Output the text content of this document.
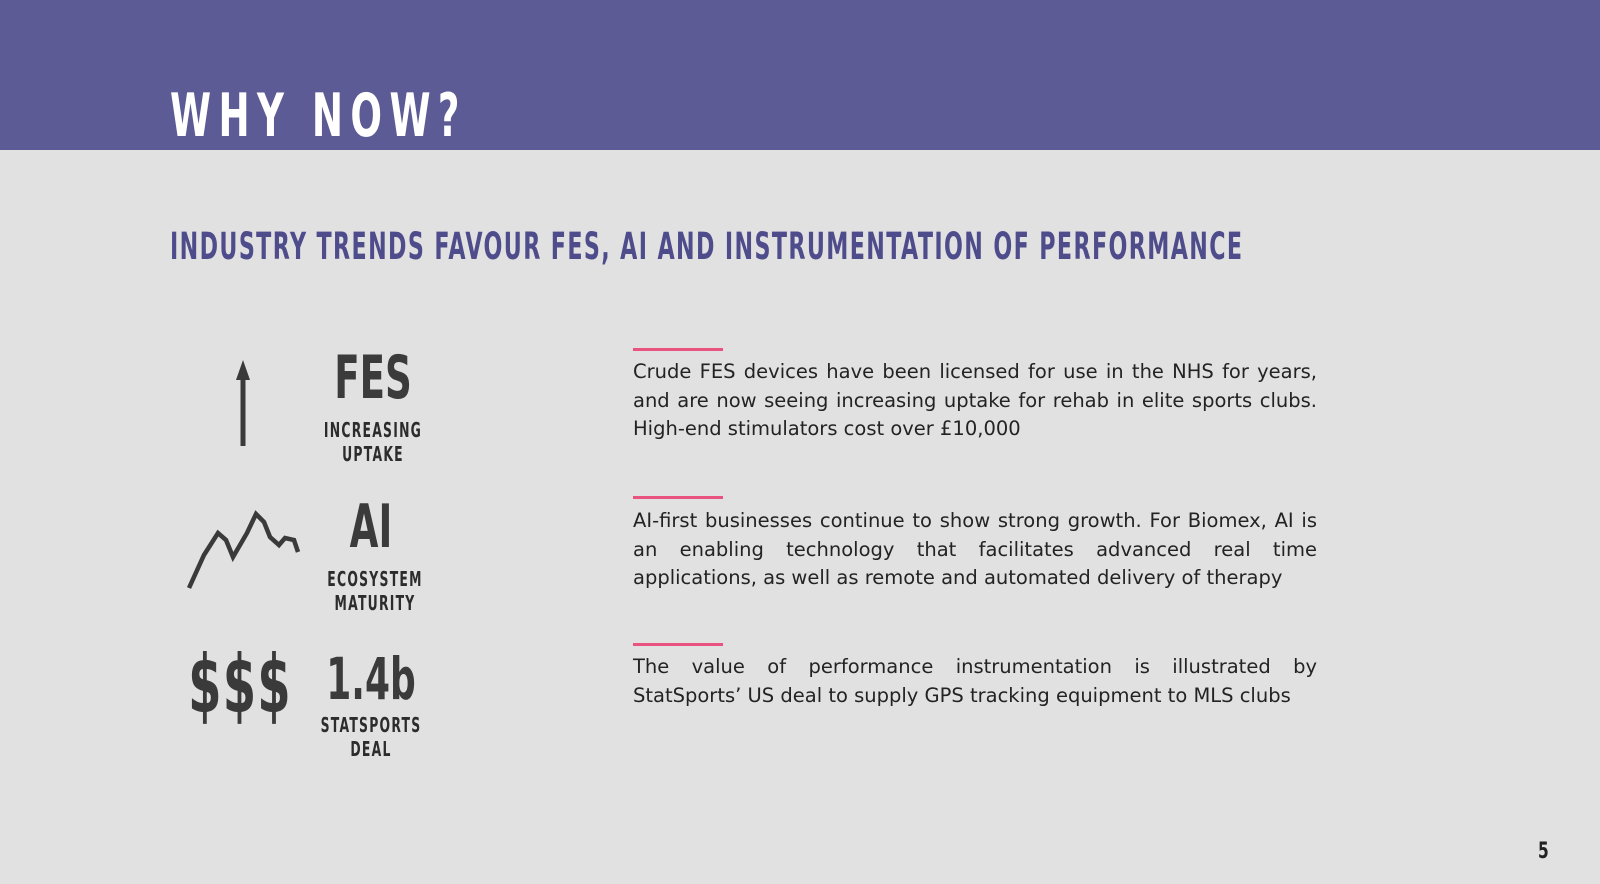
WHY NOW?
INDUSTRY TRENDS FAVOUR FES, AI AND INSTRUMENTATION OF PERFORMANCE
FES
INCREASING
UPTAKE
Crude FES devices have been licensed for use in the NHS for years, and are now seeing increasing uptake for rehab in elite sports clubs. High-end stimulators cost over £10,000
AI
ECOSYSTEM
MATURITY
AI-first businesses continue to show strong growth. For Biomex, AI is an enabling technology that facilitates advanced real time applications, as well as remote and automated delivery of therapy
$$$ 1.4b
STATSPORTS
DEAL
The value of performance instrumentation is illustrated by StatSports’ US deal to supply GPS tracking equipment to MLS clubs
5
